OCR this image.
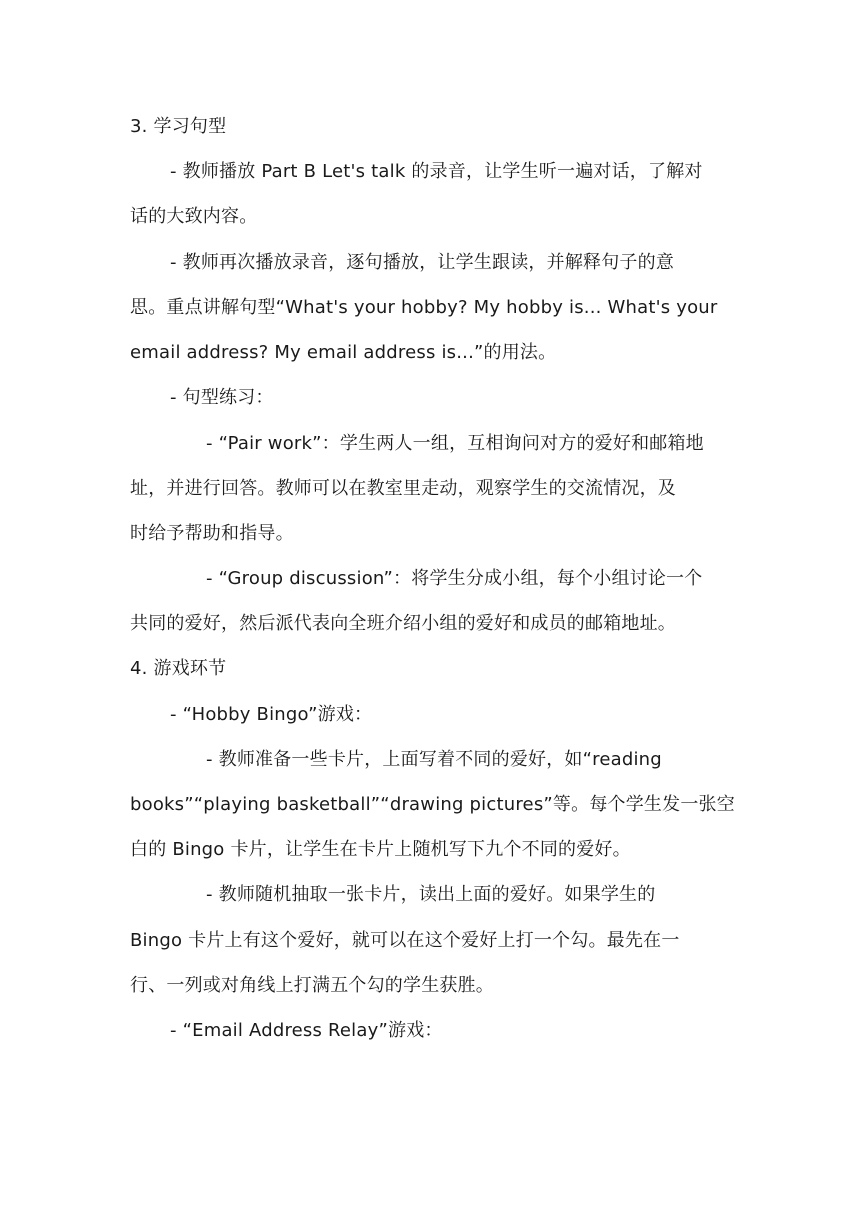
3. 学习句型
- 教师播放 Part B Let's talk 的录音，让学生听一遍对话，了解对
话的大致内容。
- 教师再次播放录音，逐句播放，让学生跟读，并解释句子的意
思。重点讲解句型“What's your hobby? My hobby is... What's your
email address? My email address is...”的用法。
- 句型练习：
- “Pair work”：学生两人一组，互相询问对方的爱好和邮箱地
址，并进行回答。教师可以在教室里走动，观察学生的交流情况，及
时给予帮助和指导。
- “Group discussion”：将学生分成小组，每个小组讨论一个
共同的爱好，然后派代表向全班介绍小组的爱好和成员的邮箱地址。
4. 游戏环节
- “Hobby Bingo”游戏：
- 教师准备一些卡片，上面写着不同的爱好，如“reading
books”“playing basketball”“drawing pictures”等。每个学生发一张空
白的 Bingo 卡片，让学生在卡片上随机写下九个不同的爱好。
- 教师随机抽取一张卡片，读出上面的爱好。如果学生的
Bingo 卡片上有这个爱好，就可以在这个爱好上打一个勾。最先在一
行、一列或对角线上打满五个勾的学生获胜。
- “Email Address Relay”游戏：
